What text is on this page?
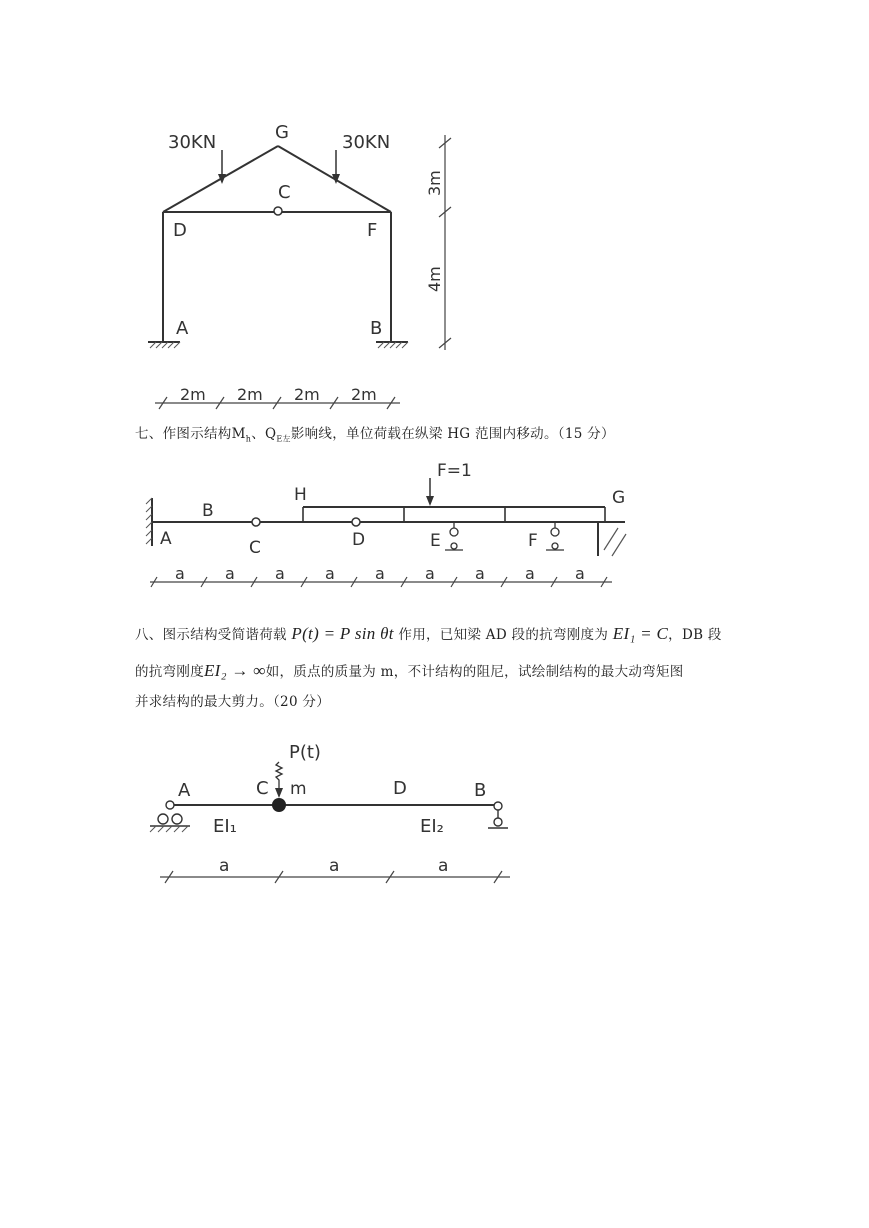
30KN	30KN
G
C
D	F
A	B
3m
4m
2m 2m 2m 2m
七、作图示结构$M_h$、$Q_{E左}$影响线，单位荷载在纵梁 HG 范围内移动。（15 分）
F=1
H	G
A
B
C	D	E	F
a	a	a	a	a	a	a	a	a
八、图示结构受简谐荷载 P(t) = P sin θt 作用，已知梁 AD 段的抗弯刚度为 EI₁ = C，DB 段
的抗弯刚度EI₂ → ∞如，质点的质量为 m，不计结构的阻尼，试绘制结构的最大动弯矩图
并求结构的最大剪力。（20 分）
P(t)
A	C m	D	B
EI₁	EI₂
a	a	a
